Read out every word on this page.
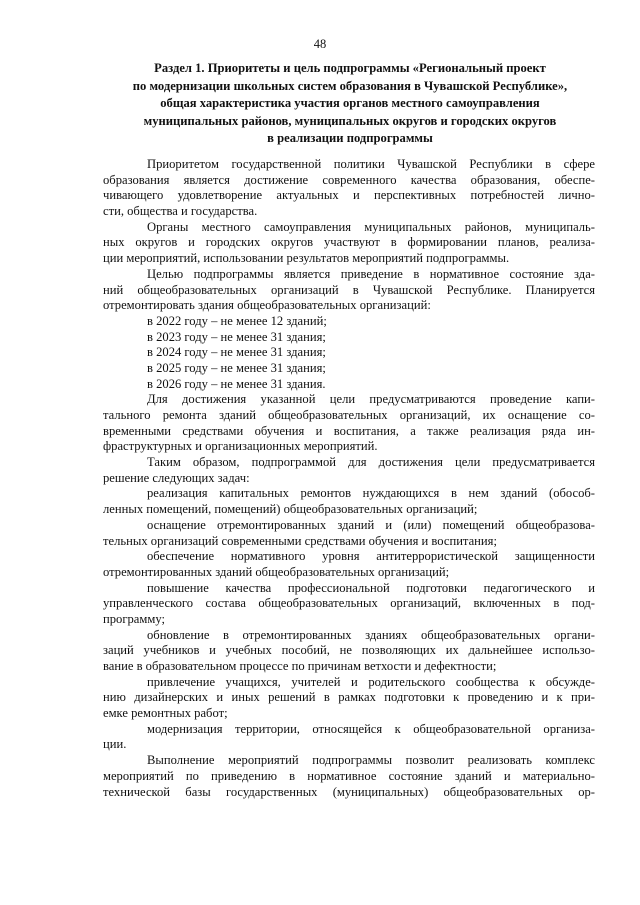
48
Раздел 1. Приоритеты и цель подпрограммы «Региональный проект
по модернизации школьных систем образования в Чувашской Республике»,
общая характеристика участия органов местного самоуправления
муниципальных районов, муниципальных округов и городских округов
в реализации подпрограммы
Приоритетом государственной политики Чувашской Республики в сфере
образования является достижение современного качества образования, обеспе-
чивающего удовлетворение актуальных и перспективных потребностей лично-
сти, общества и государства.
Органы местного самоуправления муниципальных районов, муниципаль-
ных округов и городских округов участвуют в формировании планов, реализа-
ции мероприятий, использовании результатов мероприятий подпрограммы.
Целью подпрограммы является приведение в нормативное состояние зда-
ний общеобразовательных организаций в Чувашской Республике. Планируется
отремонтировать здания общеобразовательных организаций:
в 2022 году – не менее 12 зданий;
в 2023 году – не менее 31 здания;
в 2024 году – не менее 31 здания;
в 2025 году – не менее 31 здания;
в 2026 году – не менее 31 здания.
Для достижения указанной цели предусматриваются проведение капи-
тального ремонта зданий общеобразовательных организаций, их оснащение со-
временными средствами обучения и воспитания, а также реализация ряда ин-
фраструктурных и организационных мероприятий.
Таким образом, подпрограммой для достижения цели предусматривается
решение следующих задач:
реализация капитальных ремонтов нуждающихся в нем зданий (обособ-
ленных помещений, помещений) общеобразовательных организаций;
оснащение отремонтированных зданий и (или) помещений общеобразова-
тельных организаций современными средствами обучения и воспитания;
обеспечение нормативного уровня антитеррористической защищенности
отремонтированных зданий общеобразовательных организаций;
повышение качества профессиональной подготовки педагогического и
управленческого состава общеобразовательных организаций, включенных в под-
программу;
обновление в отремонтированных зданиях общеобразовательных органи-
заций учебников и учебных пособий, не позволяющих их дальнейшее использо-
вание в образовательном процессе по причинам ветхости и дефектности;
привлечение учащихся, учителей и родительского сообщества к обсужде-
нию дизайнерских и иных решений в рамках подготовки к проведению и к при-
емке ремонтных работ;
модернизация территории, относящейся к общеобразовательной организа-
ции.
Выполнение мероприятий подпрограммы позволит реализовать комплекс
мероприятий по приведению в нормативное состояние зданий и материально-
технической базы государственных (муниципальных) общеобразовательных ор-
